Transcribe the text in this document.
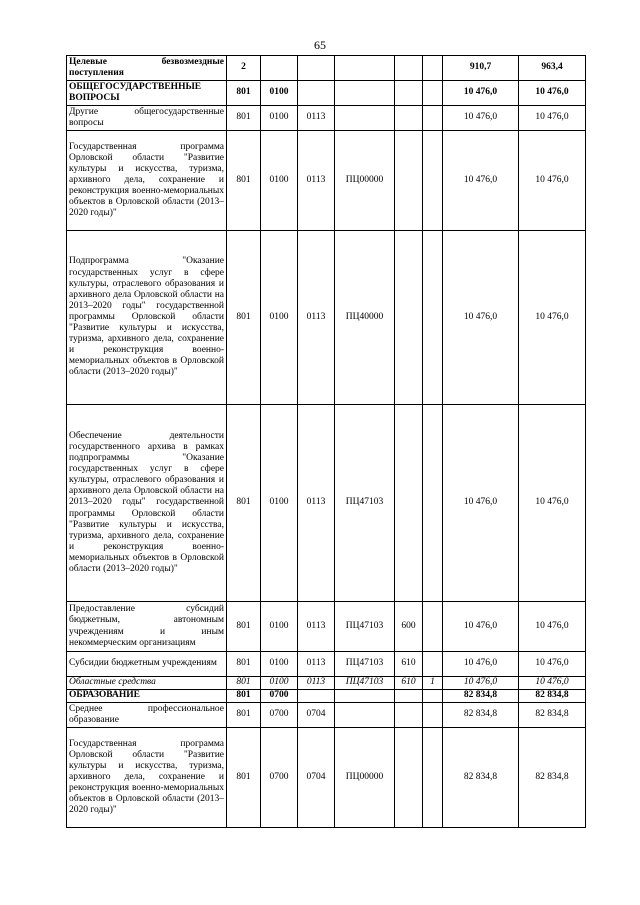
65
Целевые безвозмездные поступления	2						910,7	963,4
ОБЩЕГОСУДАРСТВЕННЫЕ ВОПРОСЫ	801	0100					10 476,0	10 476,0
Другие общегосударственные вопросы	801	0100	0113				10 476,0	10 476,0
Государственная программа Орловской области "Развитие культуры и искусства, туризма, архивного дела, сохранение и реконструкция военно-мемориальных объектов в Орловской области (2013–2020 годы)"	801	0100	0113	ПЦ00000			10 476,0	10 476,0
Подпрограмма "Оказание государственных услуг в сфере культуры, отраслевого образования и архивного дела Орловской области на 2013–2020 годы" государственной программы Орловской области "Развитие культуры и искусства, туризма, архивного дела, сохранение и реконструкция военно-мемориальных объектов в Орловской области (2013–2020 годы)"	801	0100	0113	ПЦ40000			10 476,0	10 476,0
Обеспечение деятельности государственного архива в рамках подпрограммы "Оказание государственных услуг в сфере культуры, отраслевого образования и архивного дела Орловской области на 2013–2020 годы" государственной программы Орловской области "Развитие культуры и искусства, туризма, архивного дела, сохранение и реконструкция военно-мемориальных объектов в Орловской области (2013–2020 годы)"	801	0100	0113	ПЦ47103			10 476,0	10 476,0
Предоставление субсидий бюджетным, автономным учреждениям и иным некоммерческим организациям	801	0100	0113	ПЦ47103	600		10 476,0	10 476,0
Субсидии бюджетным учреждениям	801	0100	0113	ПЦ47103	610		10 476,0	10 476,0
Областные средства	801	0100	0113	ПЦ47103	610	1	10 476,0	10 476,0
ОБРАЗОВАНИЕ	801	0700					82 834,8	82 834,8
Среднее профессиональное образование	801	0700	0704				82 834,8	82 834,8
Государственная программа Орловской области "Развитие культуры и искусства, туризма, архивного дела, сохранение и реконструкция военно-мемориальных объектов в Орловской области (2013–2020 годы)"	801	0700	0704	ПЦ00000			82 834,8	82 834,8
